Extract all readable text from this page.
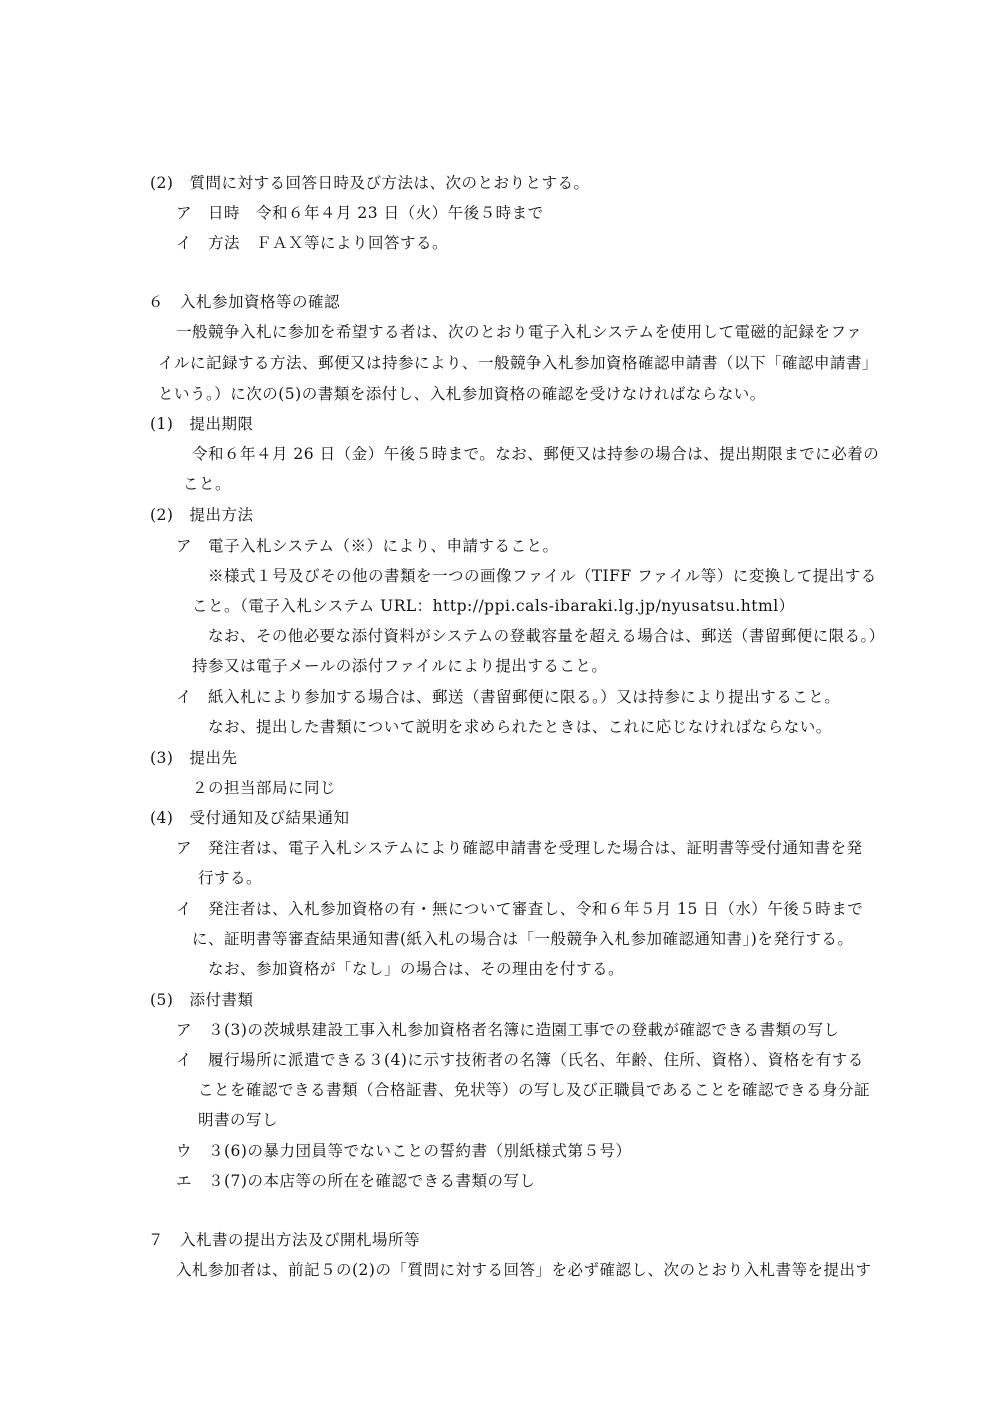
(2)　質問に対する回答日時及び方法は、次のとおりとする。
ア　日時　令和６年４月 23 日（火）午後５時まで
イ　方法　ＦＡＸ等により回答する。
６　入札参加資格等の確認
一般競争入札に参加を希望する者は、次のとおり電子入札システムを使用して電磁的記録をファ
イルに記録する方法、郵便又は持参により、一般競争入札参加資格確認申請書（以下「確認申請書」
という。）に次の(5)の書類を添付し、入札参加資格の確認を受けなければならない。
(1)　提出期限
令和６年４月 26 日（金）午後５時まで。なお、郵便又は持参の場合は、提出期限までに必着の
こと。
(2)　提出方法
ア　電子入札システム（※）により、申請すること。
※様式１号及びその他の書類を一つの画像ファイル（TIFF ファイル等）に変換して提出する
こと。（電子入札システム URL：http://ppi.cals-ibaraki.lg.jp/nyusatsu.html）
なお、その他必要な添付資料がシステムの登載容量を超える場合は、郵送（書留郵便に限る。）
持参又は電子メールの添付ファイルにより提出すること。
イ　紙入札により参加する場合は、郵送（書留郵便に限る。）又は持参により提出すること。
なお、提出した書類について説明を求められたときは、これに応じなければならない。
(3)　提出先
２の担当部局に同じ
(4)　受付通知及び結果通知
ア　発注者は、電子入札システムにより確認申請書を受理した場合は、証明書等受付通知書を発
行する。
イ　発注者は、入札参加資格の有・無について審査し、令和６年５月 15 日（水）午後５時まで
に、証明書等審査結果通知書(紙入札の場合は「一般競争入札参加確認通知書」)を発行する。
なお、参加資格が「なし」の場合は、その理由を付する。
(5)　添付書類
ア　３(3)の茨城県建設工事入札参加資格者名簿に造園工事での登載が確認できる書類の写し
イ　履行場所に派遣できる３(4)に示す技術者の名簿（氏名、年齢、住所、資格）、資格を有する
ことを確認できる書類（合格証書、免状等）の写し及び正職員であることを確認できる身分証
明書の写し
ウ　３(6)の暴力団員等でないことの誓約書（別紙様式第５号）
エ　３(7)の本店等の所在を確認できる書類の写し
７　入札書の提出方法及び開札場所等
入札参加者は、前記５の(2)の「質問に対する回答」を必ず確認し、次のとおり入札書等を提出す
